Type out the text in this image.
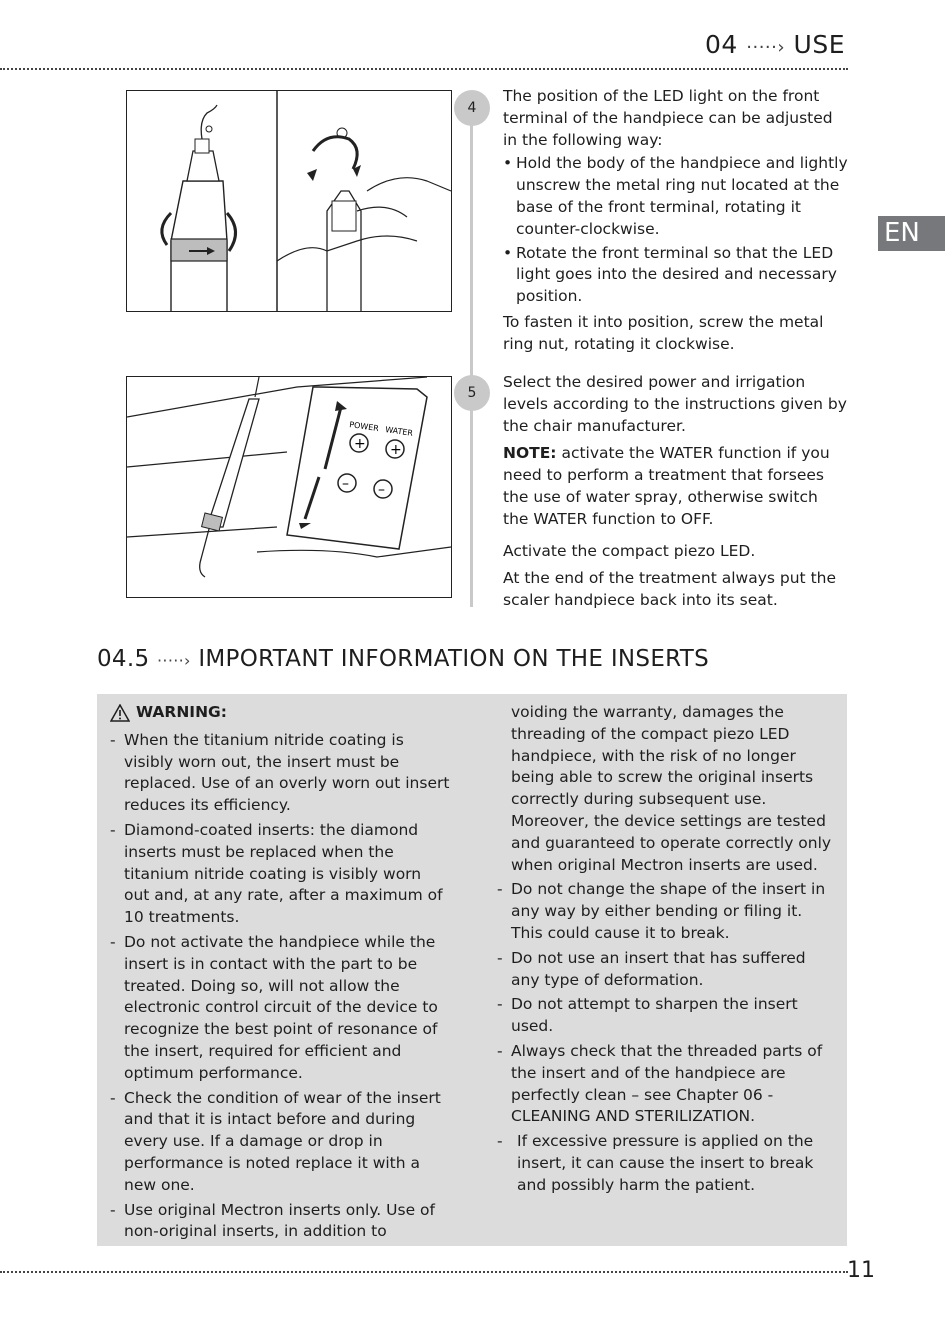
04 ·····› USE
EN
POWER WATER
+ +
– –
4
5

The position of the LED light on the front terminal of the handpiece can be adjusted in the following way:

• Hold the body of the handpiece and lightly unscrew the metal ring nut located at the base of the front terminal, rotating it counter-clockwise.
• Rotate the front terminal so that the LED light goes into the desired and necessary position.

To fasten it into position, screw the metal ring nut, rotating it clockwise.

Select the desired power and irrigation levels according to the instructions given by the chair manufacturer.

NOTE: activate the WATER function if you need to perform a treatment that forsees the use of water spray, otherwise switch the WATER function to OFF.

Activate the compact piezo LED.

At the end of the treatment always put the scaler handpiece back into its seat.

04.5 ·····› IMPORTANT INFORMATION ON THE INSERTS
WARNING:
- When the titanium nitride coating is visibly worn out, the insert must be replaced. Use of an overly worn out insert reduces its efficiency.
- Diamond-coated inserts: the diamond inserts must be replaced when the titanium nitride coating is visibly worn out and, at any rate, after a maximum of 10 treatments.
- Do not activate the handpiece while the insert is in contact with the part to be treated. Doing so, will not allow the electronic control circuit of the device to recognize the best point of resonance of the insert, required for efficient and optimum performance.
- Check the condition of wear of the insert and that it is intact before and during every use. If a damage or drop in performance is noted replace it with a new one.
- Use original Mectron inserts only. Use of non-original inserts, in addition to
voiding the warranty, damages the threading of the compact piezo LED handpiece, with the risk of no longer being able to screw the original inserts correctly during subsequent use. Moreover, the device settings are tested and guaranteed to operate correctly only when original Mectron inserts are used.
- Do not change the shape of the insert in any way by either bending or filing it. This could cause it to break.
- Do not use an insert that has suffered any type of deformation.
- Do not attempt to sharpen the insert used.
- Always check that the threaded parts of the insert and of the handpiece are perfectly clean – see Chapter 06 - CLEANING AND STERILIZATION.
- If excessive pressure is applied on the insert, it can cause the insert to break and possibly harm the patient.
11
